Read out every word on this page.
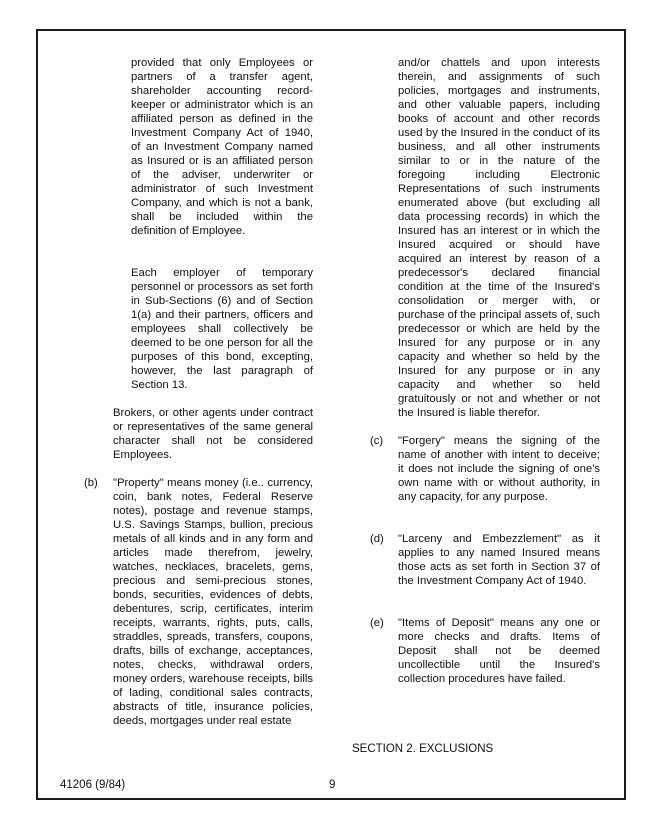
provided that only Employees or partners of a transfer agent, shareholder accounting record-keeper or administrator which is an affiliated person as defined in the Investment Company Act of 1940, of an Investment Company named as Insured or is an affiliated person of the adviser, underwriter or administrator of such Investment Company, and which is not a bank, shall be included within the definition of Employee.

Each employer of temporary personnel or processors as set forth in Sub-Sections (6) and of Section 1(a) and their partners, officers and employees shall collectively be deemed to be one person for all the purposes of this bond, excepting, however, the last paragraph of Section 13.

Brokers, or other agents under contract or representatives of the same general character shall not be considered Employees.

(b) "Property" means money (i.e.. currency, coin, bank notes, Federal Reserve notes), postage and revenue stamps, U.S. Savings Stamps, bullion, precious metals of all kinds and in any form and articles made therefrom, jewelry, watches, necklaces, bracelets, gems, precious and semi-precious stones, bonds, securities, evidences of debts, debentures, scrip, certificates, interim receipts, warrants, rights, puts, calls, straddles, spreads, transfers, coupons, drafts, bills of exchange, acceptances, notes, checks, withdrawal orders, money orders, warehouse receipts, bills of lading, conditional sales contracts, abstracts of title, insurance policies, deeds, mortgages under real estate

and/or chattels and upon interests therein, and assignments of such policies, mortgages and instruments, and other valuable papers, including books of account and other records used by the Insured in the conduct of its business, and all other instruments similar to or in the nature of the foregoing including Electronic Representations of such instruments enumerated above (but excluding all data processing records) in which the Insured has an interest or in which the Insured acquired or should have acquired an interest by reason of a predecessor's declared financial condition at the time of the Insured's consolidation or merger with, or purchase of the principal assets of, such predecessor or which are held by the Insured for any purpose or in any capacity and whether so held by the Insured for any purpose or in any capacity and whether so held gratuitously or not and whether or not the Insured is liable therefor.

(c) "Forgery" means the signing of the name of another with intent to deceive; it does not include the signing of one's own name with or without authority, in any capacity, for any purpose.

(d) "Larceny and Embezzlement" as it applies to any named Insured means those acts as set forth in Section 37 of the Investment Company Act of 1940.

(e) "Items of Deposit" means any one or more checks and drafts. Items of Deposit shall not be deemed uncollectible until the Insured's collection procedures have failed.

SECTION 2. EXCLUSIONS
41206 (9/84)	9
